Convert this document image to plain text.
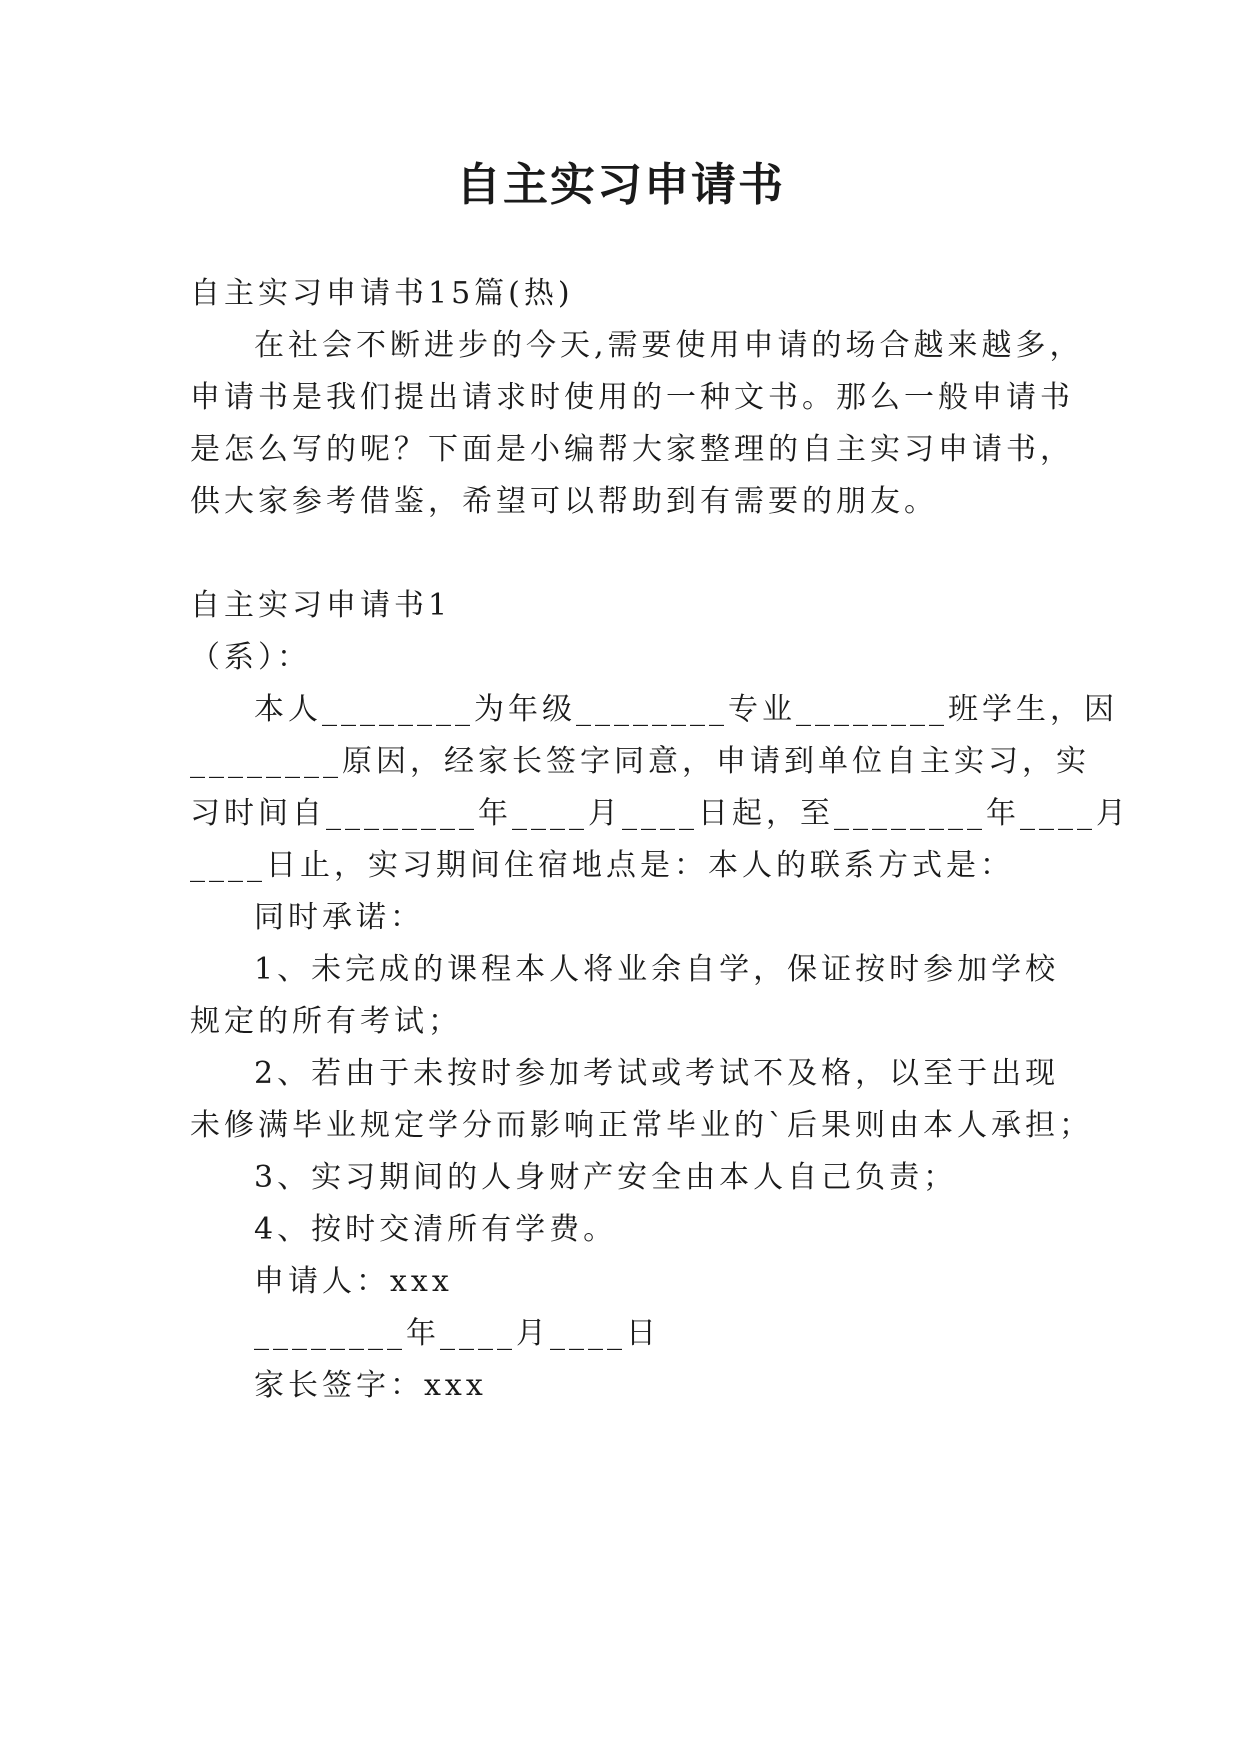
自主实习申请书
自主实习申请书15篇(热)
在社会不断进步的今天,需要使用申请的场合越来越多，
申请书是我们提出请求时使用的一种文书。那么一般申请书
是怎么写的呢？下面是小编帮大家整理的自主实习申请书，
供大家参考借鉴，希望可以帮助到有需要的朋友。
自主实习申请书1
（系）：
本人________为年级________专业________班学生，因
________原因，经家长签字同意，申请到单位自主实习，实
习时间自________年____月____日起，至________年____月
____日止，实习期间住宿地点是：本人的联系方式是：
同时承诺：
1、未完成的课程本人将业余自学，保证按时参加学校
规定的所有考试；
2、若由于未按时参加考试或考试不及格，以至于出现
未修满毕业规定学分而影响正常毕业的`后果则由本人承担；
3、实习期间的人身财产安全由本人自己负责；
4、按时交清所有学费。
申请人：xxx
________年____月____日
家长签字：xxx
